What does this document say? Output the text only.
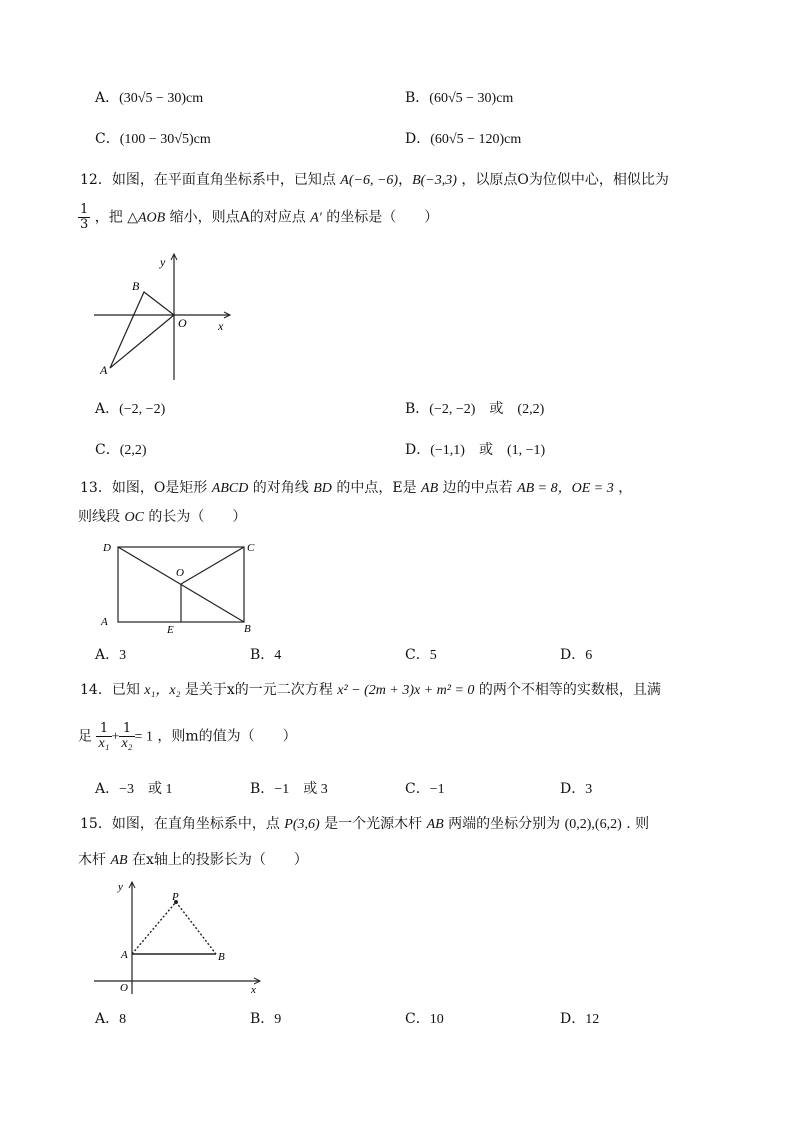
A．(30√5 − 30)cm	B．(60√5 − 30)cm
C．(100 − 30√5)cm	D．(60√5 − 120)cm
12．如图，在平面直角坐标系中，已知点 A(−6, −6)，B(−3,3) ，以原点O为位似中心，相似比为
$\frac{1}{3}$ ，把 △AOB 缩小，则点A的对应点 A′ 的坐标是（　　）
A
B
O	x
y
A．(−2, −2)	B．(−2, −2)　或　(2,2)
C．(2,2)	D．(−1,1)　或　(1, −1)
13．如图，O是矩形 ABCD 的对角线 BD 的中点，E是 AB 边的中点若 AB = 8，OE = 3 ，
则线段 OC 的长为（　　）
D	C
A
B
E
O
A．3	B．4	C．5	D．6
14．已知 x₁，x₂ 是关于x的一元二次方程 x² − (2m + 3)x + m² = 0 的两个不相等的实数根，且满
足 $\frac{1}{\text{x₁}} + \frac{1}{\text{x₂}} = 1$ ，则m的值为（　　）
A．−3　或 1	B．−1　或 3	C．−1	D．3
15．如图，在直角坐标系中，点 P(3,6) 是一个光源木杆 AB 两端的坐标分别为 (0,2),(6,2) . 则
木杆 AB 在x轴上的投影长为（　　）
P
A	B
O	x
y
A．8	B．9	C．10	D．12
